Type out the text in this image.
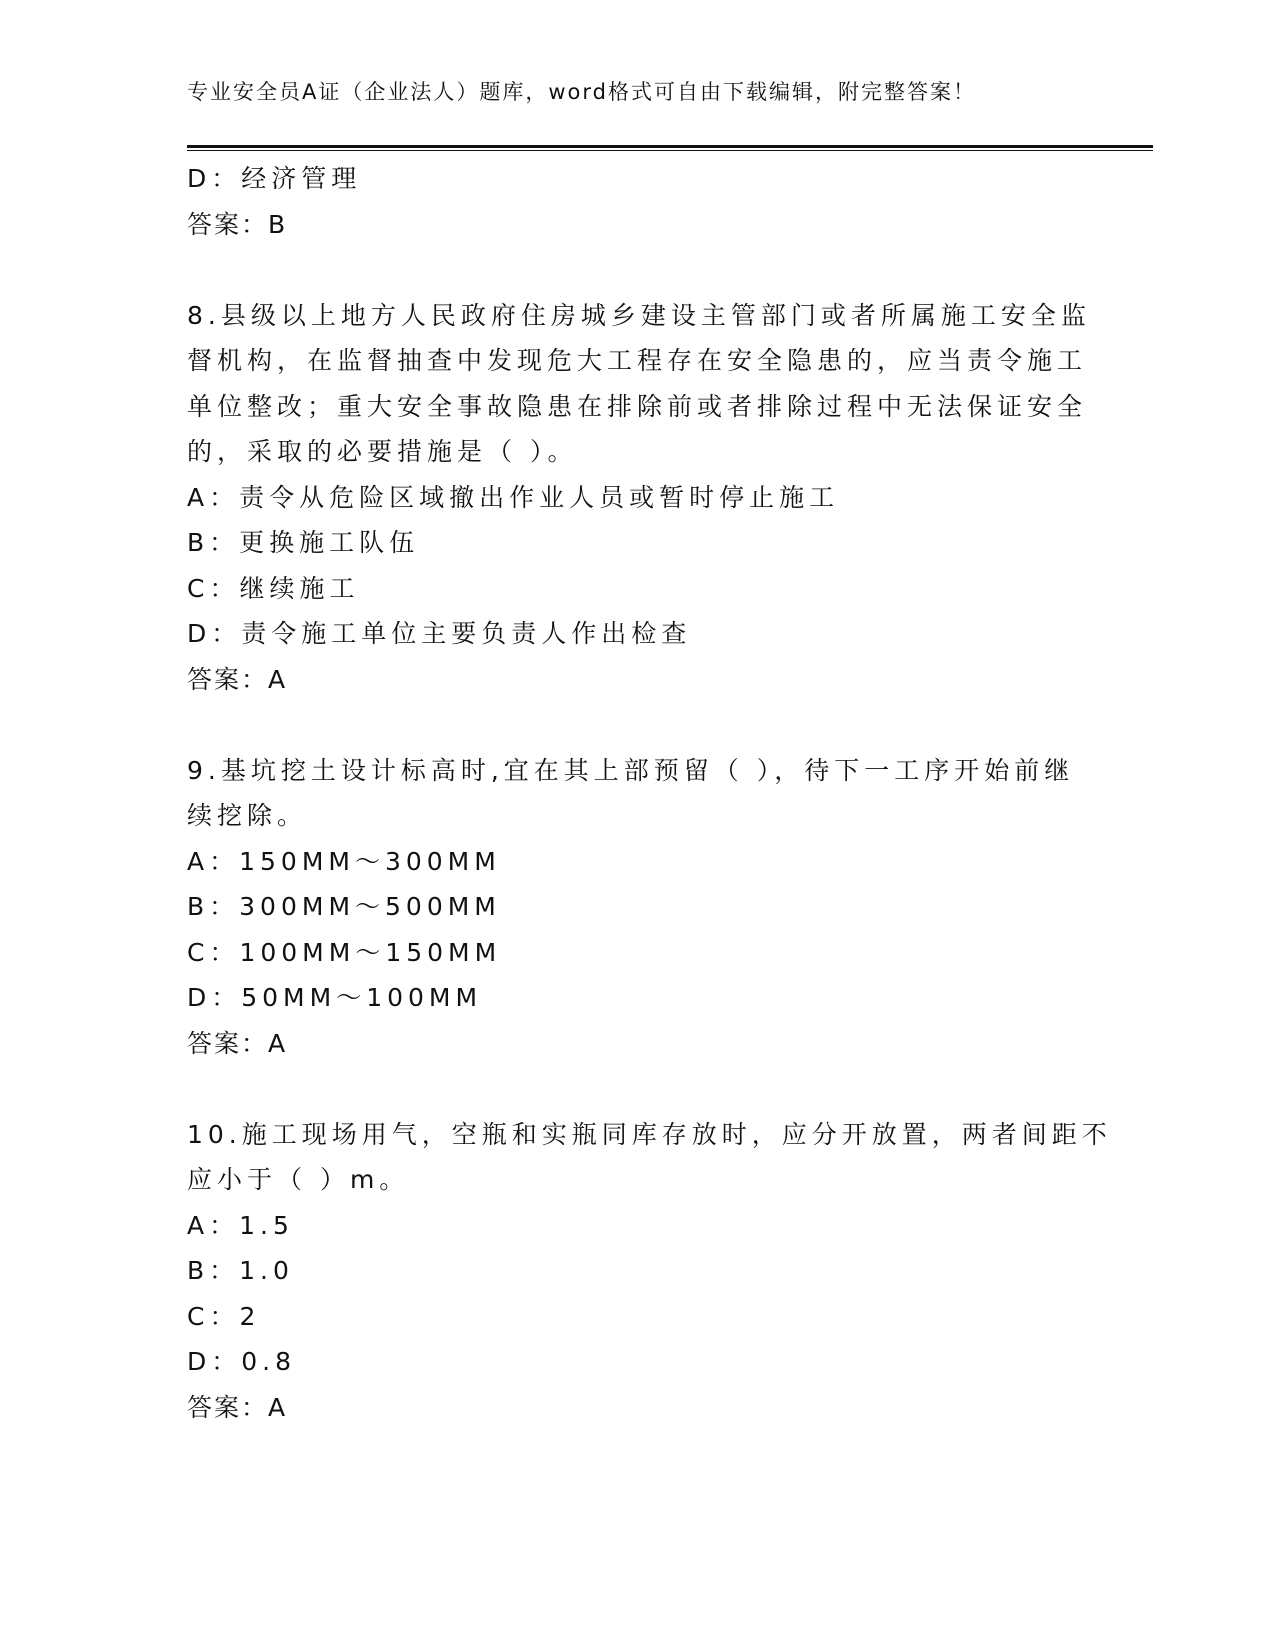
专业安全员A证（企业法人）题库，word格式可自由下载编辑，附完整答案！
D：经济管理
答案：B
8.县级以上地方人民政府住房城乡建设主管部门或者所属施工安全监
督机构，在监督抽查中发现危大工程存在安全隐患的，应当责令施工
单位整改；重大安全事故隐患在排除前或者排除过程中无法保证安全
的，采取的必要措施是（ ）。
A：责令从危险区域撤出作业人员或暂时停止施工
B：更换施工队伍
C：继续施工
D：责令施工单位主要负责人作出检查
答案：A
9.基坑挖土设计标高时,宜在其上部预留（ ），待下一工序开始前继
续挖除。
A：150MM～300MM
B：300MM～500MM
C：100MM～150MM
D：50MM～100MM
答案：A
10.施工现场用气，空瓶和实瓶同库存放时，应分开放置，两者间距不
应小于（ ）m。
A：1.5
B：1.0
C：2
D：0.8
答案：A
